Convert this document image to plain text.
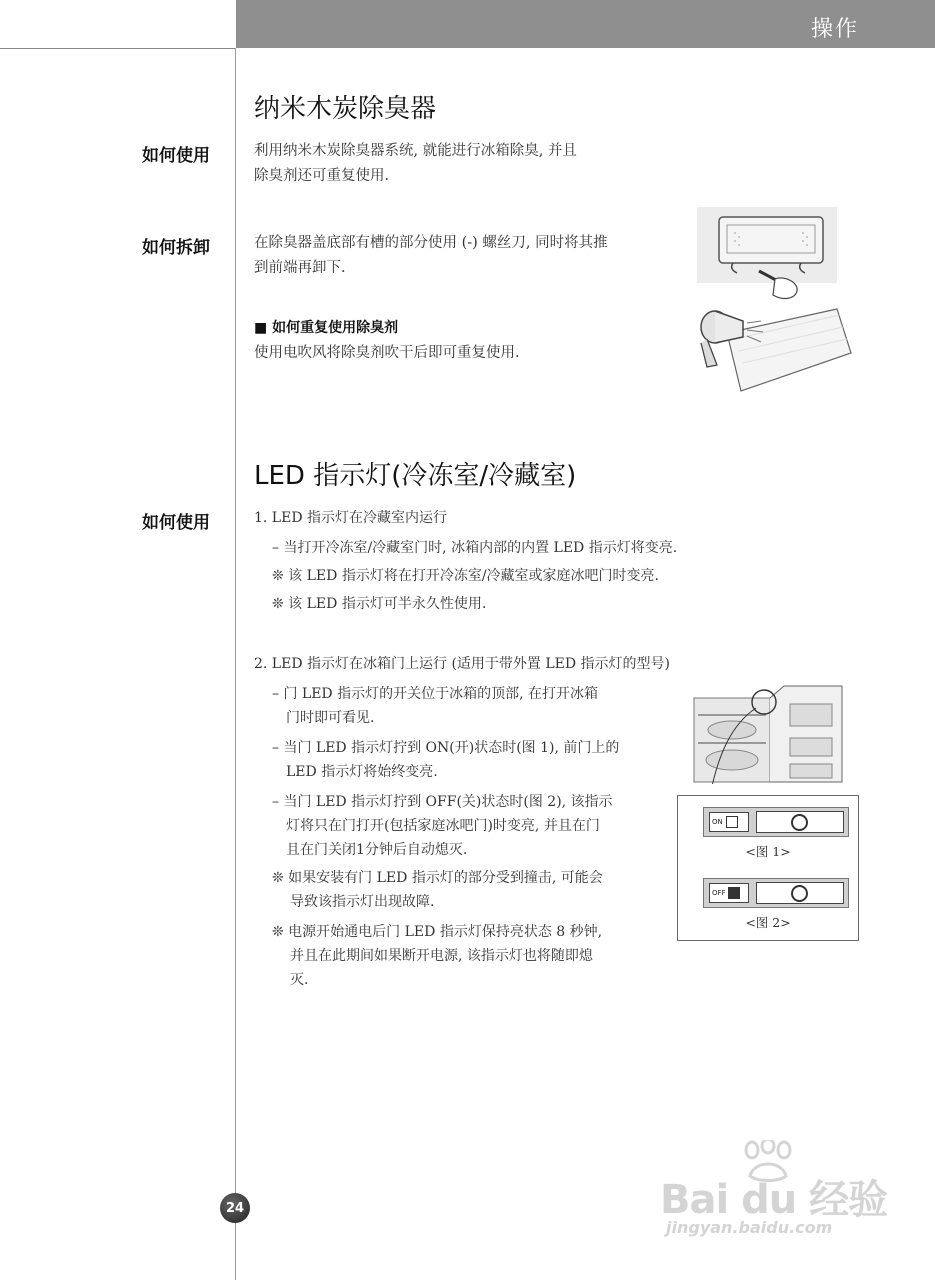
操作
纳米木炭除臭器
如何使用	利用纳米木炭除臭器系统, 就能进行冰箱除臭, 并且
除臭剂还可重复使用.
如何拆卸	在除臭器盖底部有槽的部分使用 (-) 螺丝刀, 同时将其推
到前端再卸下.
■ 如何重复使用除臭剂
使用电吹风将除臭剂吹干后即可重复使用.
LED 指示灯(冷冻室/冷藏室)
如何使用	1. LED 指示灯在冷藏室内运行
– 当打开冷冻室/冷藏室门时, 冰箱内部的内置 LED 指示灯将变亮.
❊ 该 LED 指示灯将在打开冷冻室/冷藏室或家庭冰吧门时变亮.
❊ 该 LED 指示灯可半永久性使用.
2. LED 指示灯在冰箱门上运行 (适用于带外置 LED 指示灯的型号)
– 门 LED 指示灯的开关位于冰箱的顶部, 在打开冰箱
门时即可看见.
– 当门 LED 指示灯拧到 ON(开)状态时(图 1), 前门上的
LED 指示灯将始终变亮.
– 当门 LED 指示灯拧到 OFF(关)状态时(图 2), 该指示
灯将只在门打开(包括家庭冰吧门)时变亮, 并且在门
且在门关闭1分钟后自动熄灭.
❊ 如果安装有门 LED 指示灯的部分受到撞击, 可能会
导致该指示灯出现故障.
❊ 电源开始通电后门 LED 指示灯保持亮状态 8 秒钟,
并且在此期间如果断开电源, 该指示灯也将随即熄
灭.
ON
<图 1>
OFF
<图 2>
24	Bai du 经验
jingyan.baidu.com
